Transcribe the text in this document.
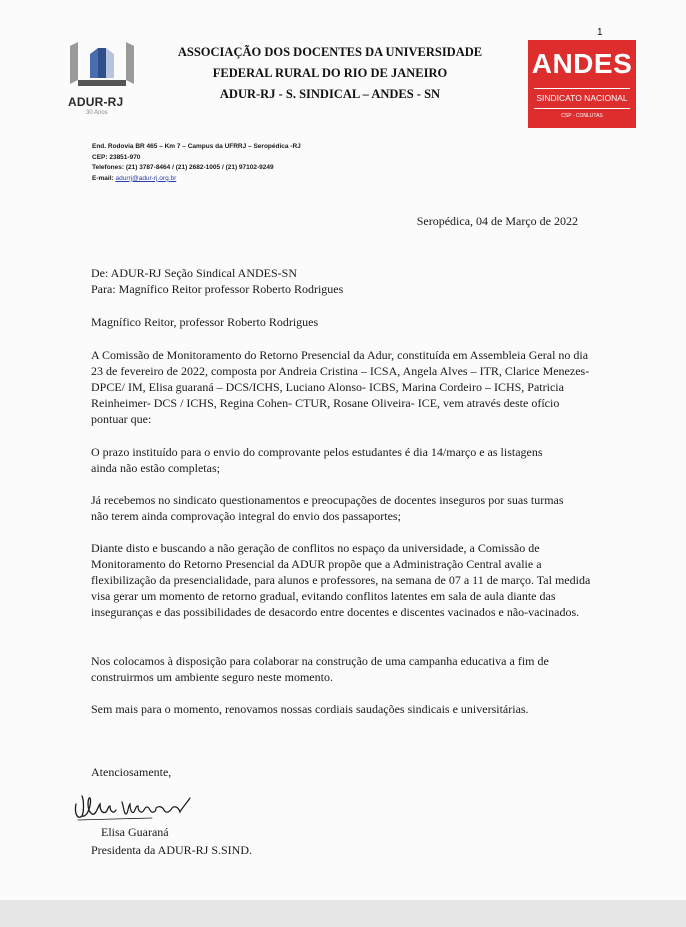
ADUR-RJ
30 Anos
ASSOCIAÇÃO DOS DOCENTES DA UNIVERSIDADE
FEDERAL RURAL DO RIO DE JANEIRO
ADUR-RJ - S. SINDICAL – ANDES - SN
1
ANDES
SINDICATO NACIONAL
CSP - CONLUTAS
End. Rodovia BR 465 – Km 7 – Campus da UFRRJ – Seropédica -RJ
CEP: 23851-970
Telefones: (21) 3787-8464 / (21) 2682-1005 / (21) 97102-9249
E-mail: adurrj@adur-rj.org.br
Seropédica, 04 de Março de 2022
De: ADUR-RJ Seção Sindical ANDES-SN
Para: Magnífico Reitor professor Roberto Rodrigues
Magnífico Reitor, professor Roberto Rodrigues
A Comissão de Monitoramento do Retorno Presencial da Adur, constituída em Assembleia Geral no dia 23 de fevereiro de 2022, composta por Andreia Cristina – ICSA, Angela Alves – ITR, Clarice Menezes- DPCE/ IM, Elisa guaraná – DCS/ICHS, Luciano Alonso- ICBS, Marina Cordeiro – ICHS, Patricia Reinheimer- DCS / ICHS, Regina Cohen- CTUR, Rosane Oliveira- ICE, vem através deste ofício pontuar que:
O prazo instituído para o envio do comprovante pelos estudantes é dia 14/março e as listagens ainda não estão completas;
Já recebemos no sindicato questionamentos e preocupações de docentes inseguros por suas turmas não terem ainda comprovação integral do envio dos passaportes;
Diante disto e buscando a não geração de conflitos no espaço da universidade, a Comissão de Monitoramento do Retorno Presencial da ADUR propõe que a Administração Central avalie a flexibilização da presencialidade, para alunos e professores, na semana de 07 a 11 de março. Tal medida visa gerar um momento de retorno gradual, evitando conflitos latentes em sala de aula diante das inseguranças e das possibilidades de desacordo entre docentes e discentes vacinados e não-vacinados.
Nos colocamos à disposição para colaborar na construção de uma campanha educativa a fim de construirmos um ambiente seguro neste momento.
Sem mais para o momento, renovamos nossas cordiais saudações sindicais e universitárias.
Atenciosamente,
Elisa Guaraná
Presidenta da ADUR-RJ S.SIND.
